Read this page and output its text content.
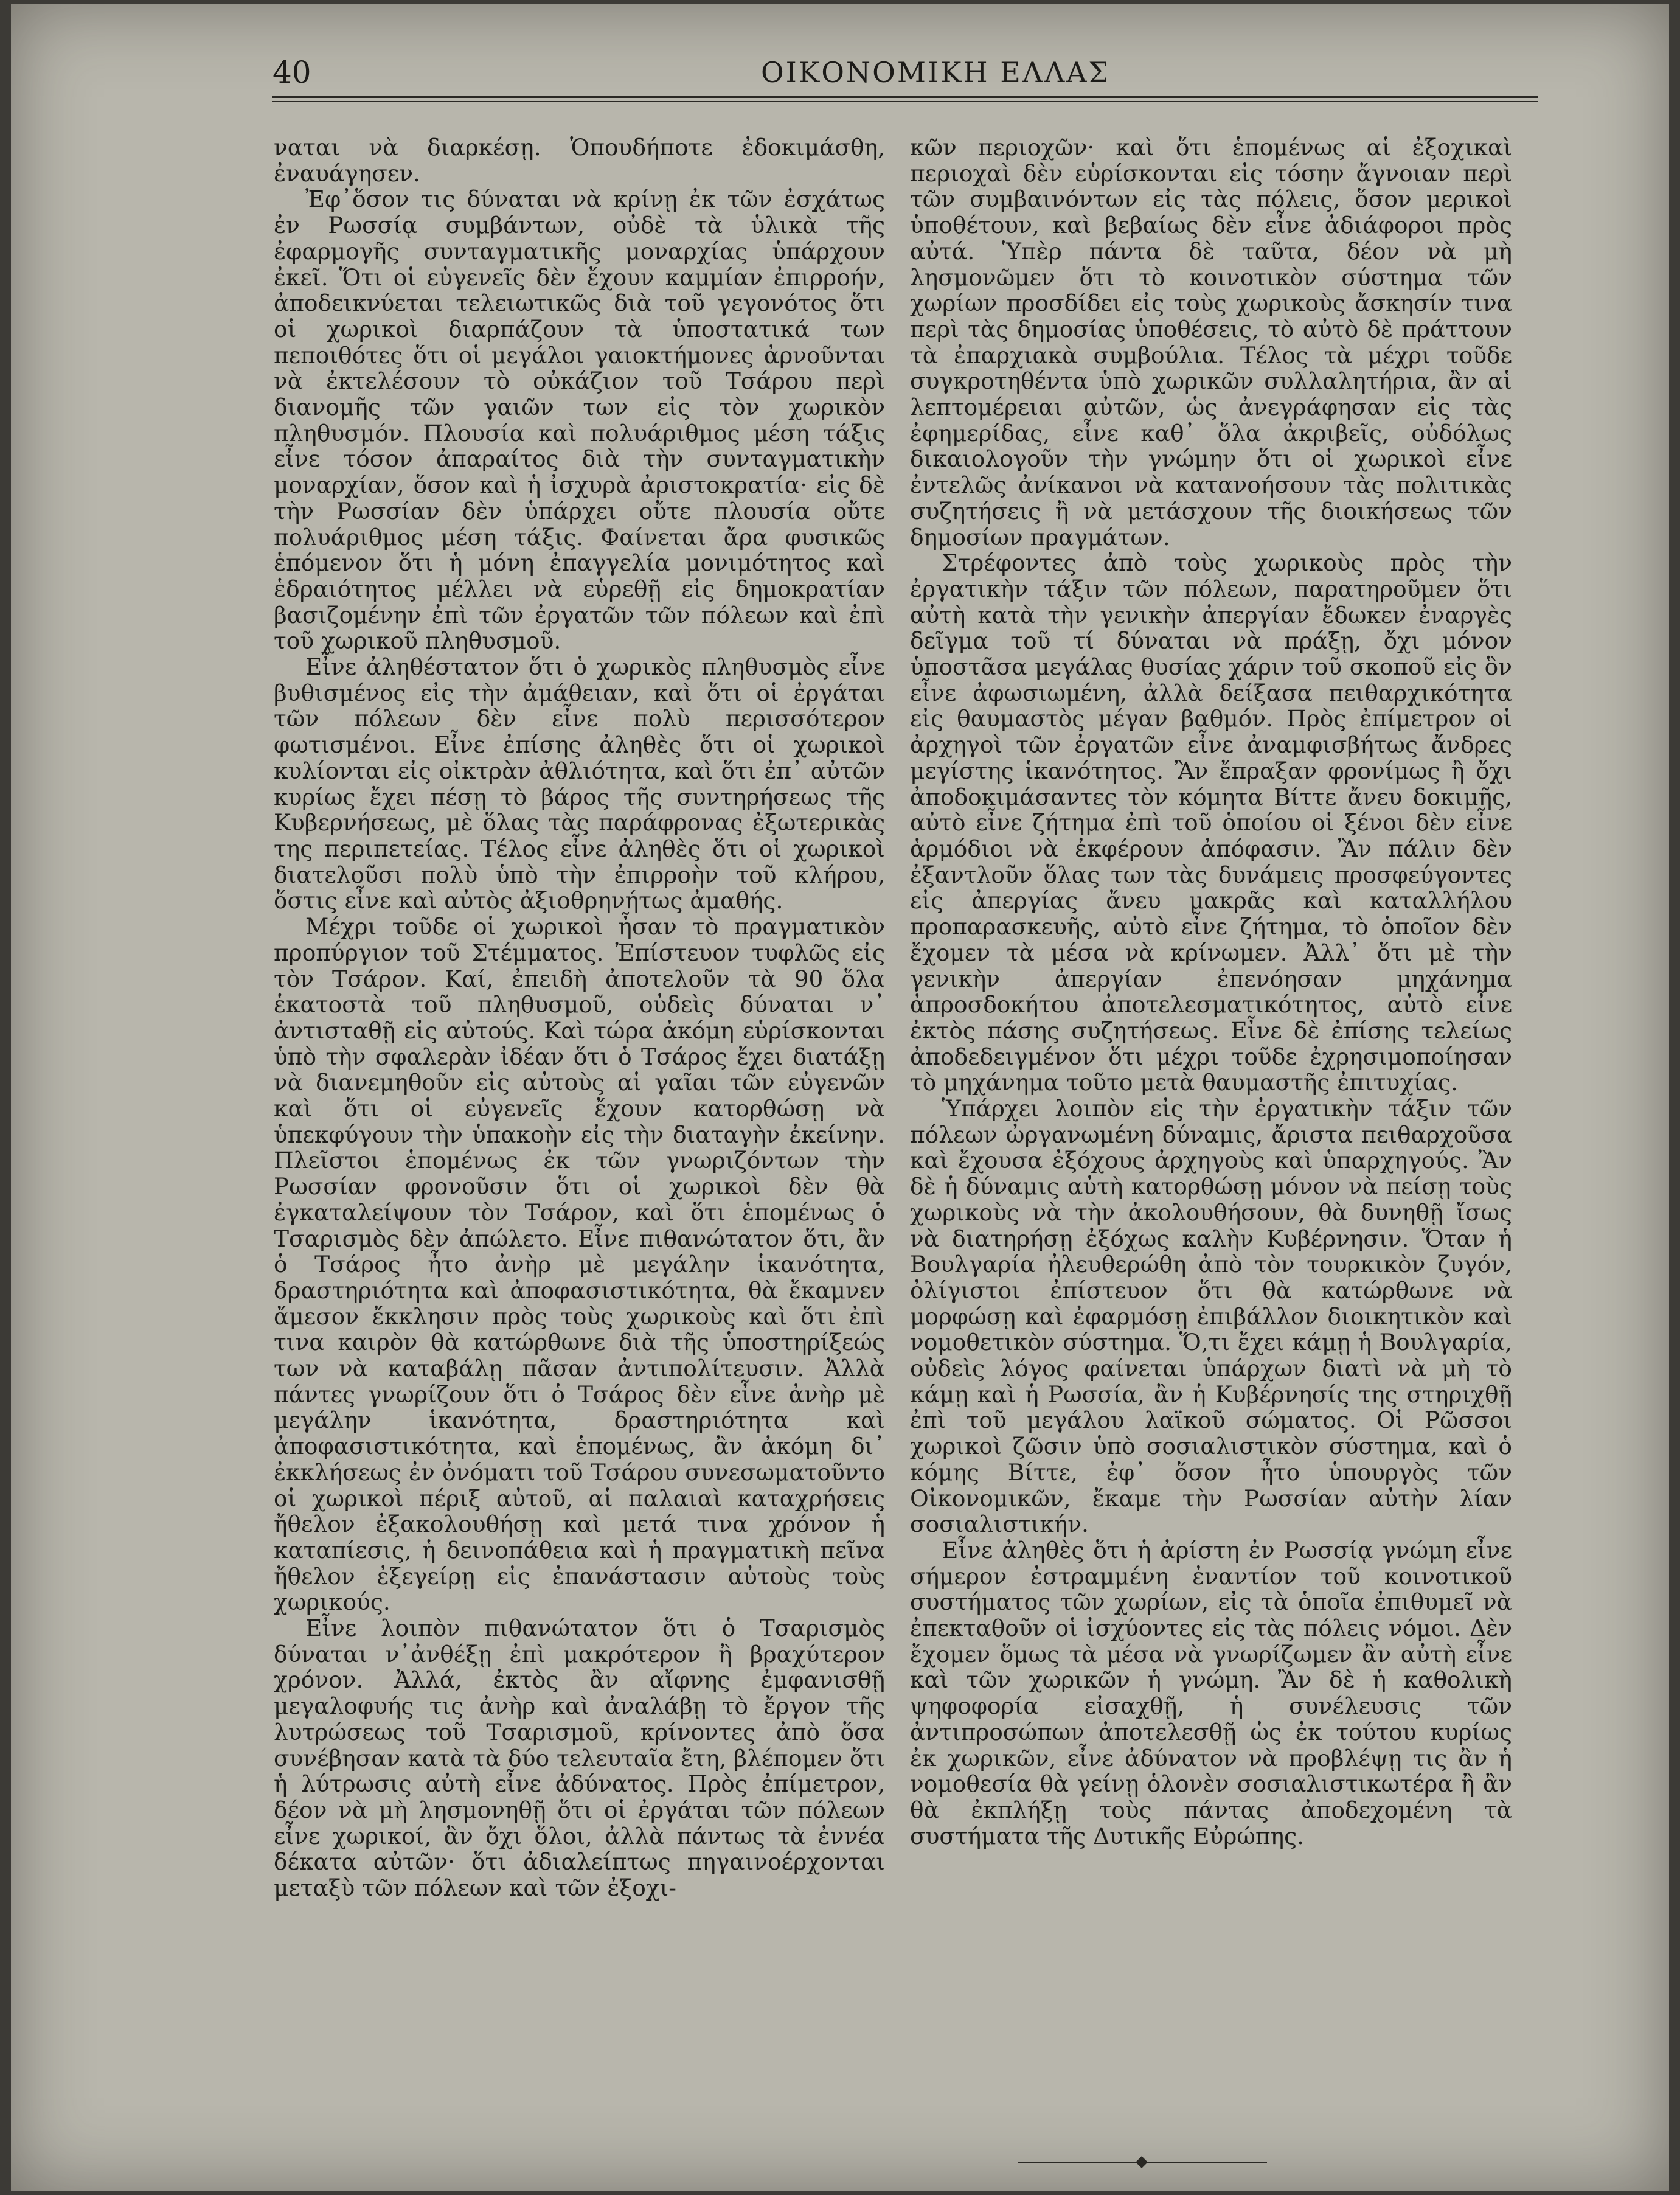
40	ΟΙΚΟΝΟΜΙΚΗ ΕΛΛΑΣ

ναται νὰ διαρκέσῃ. Ὁπουδήποτε ἐδοκιμάσθη, ἐναυάγησεν.

Ἐφ᾽ὅσον τις δύναται νὰ κρίνῃ ἐκ τῶν ἐσχάτως ἐν Ρωσσίᾳ συμβάντων, οὐδὲ τὰ ὑλικὰ τῆς ἐφαρμογῆς συνταγματικῆς μοναρχίας ὑπάρχουν ἐκεῖ. Ὅτι οἱ εὐγενεῖς δὲν ἔχουν καμμίαν ἐπιρροήν, ἀποδεικνύεται τελειωτικῶς διὰ τοῦ γεγονότος ὅτι οἱ χωρικοὶ διαρπάζουν τὰ ὑποστατικά των πεποιθότες ὅτι οἱ μεγάλοι γαιοκτήμονες ἀρνοῦνται νὰ ἐκτελέσουν τὸ οὐκάζιον τοῦ Τσάρου περὶ διανομῆς τῶν γαιῶν των εἰς τὸν χωρικὸν πληθυσμόν. Πλουσία καὶ πολυάριθμος μέση τάξις εἶνε τόσον ἀπαραίτος διὰ τὴν συνταγματικὴν μοναρχίαν, ὅσον καὶ ἡ ἰσχυρὰ ἀριστοκρατία· εἰς δὲ τὴν Ρωσσίαν δὲν ὑπάρχει οὔτε πλουσία οὔτε πολυάριθμος μέση τάξις. Φαίνεται ἄρα φυσικῶς ἑπόμενον ὅτι ἡ μόνη ἐπαγγελία μονιμότητος καὶ ἑδραιότητος μέλλει νὰ εὑρεθῇ εἰς δημοκρατίαν βασιζομένην ἐπὶ τῶν ἐργατῶν τῶν πόλεων καὶ ἐπὶ τοῦ χωρικοῦ πληθυσμοῦ.

Εἶνε ἀληθέστατον ὅτι ὁ χωρικὸς πληθυσμὸς εἶνε βυθισμένος εἰς τὴν ἀμάθειαν, καὶ ὅτι οἱ ἐργάται τῶν πόλεων δὲν εἶνε πολὺ περισσότερον φωτισμένοι. Εἶνε ἐπίσης ἀληθὲς ὅτι οἱ χωρικοὶ κυλίονται εἰς οἰκτρὰν ἀθλιότητα, καὶ ὅτι ἐπ᾽ αὐτῶν κυρίως ἔχει πέσῃ τὸ βάρος τῆς συντηρήσεως τῆς Κυβερνήσεως, μὲ ὅλας τὰς παράφρονας ἐξωτερικὰς της περιπετείας. Τέλος εἶνε ἀληθὲς ὅτι οἱ χωρικοὶ διατελοῦσι πολὺ ὑπὸ τὴν ἐπιρροὴν τοῦ κλήρου, ὅστις εἶνε καὶ αὐτὸς ἀξιοθρηνήτως ἀμαθής.

Μέχρι τοῦδε οἱ χωρικοὶ ἦσαν τὸ πραγματικὸν προπύργιον τοῦ Στέμματος. Ἐπίστευον τυφλῶς εἰς τὸν Τσάρον. Καί, ἐπειδὴ ἀποτελοῦν τὰ 90 ὅλα ἑκατοστὰ τοῦ πληθυσμοῦ, οὐδεὶς δύναται ν᾽ ἀντισταθῇ εἰς αὐτούς. Καὶ τώρα ἀκόμη εὑρίσκονται ὑπὸ τὴν σφαλερὰν ἰδέαν ὅτι ὁ Τσάρος ἔχει διατάξῃ νὰ διανεμηθοῦν εἰς αὐτοὺς αἱ γαῖαι τῶν εὐγενῶν καὶ ὅτι οἱ εὐγενεῖς ἔχουν κατορθώσῃ νὰ ὑπεκφύγουν τὴν ὑπακοὴν εἰς τὴν διαταγὴν ἐκείνην. Πλεῖστοι ἑπομένως ἐκ τῶν γνωριζόντων τὴν Ρωσσίαν φρονοῦσιν ὅτι οἱ χωρικοὶ δὲν θὰ ἐγκαταλείψουν τὸν Τσάρον, καὶ ὅτι ἑπομένως ὁ Τσαρισμὸς δὲν ἀπώλετο. Εἶνε πιθανώτατον ὅτι, ἂν ὁ Τσάρος ἦτο ἀνὴρ μὲ μεγάλην ἱκανότητα, δραστηριότητα καὶ ἀποφασιστικότητα, θὰ ἔκαμνεν ἄμεσον ἔκκλησιν πρὸς τοὺς χωρικοὺς καὶ ὅτι ἐπὶ τινα καιρὸν θὰ κατώρθωνε διὰ τῆς ὑποστηρίξεώς των νὰ καταβάλῃ πᾶσαν ἀντιπολίτευσιν. Ἀλλὰ πάντες γνωρίζουν ὅτι ὁ Τσάρος δὲν εἶνε ἀνὴρ μὲ μεγάλην ἱκανότητα, δραστηριότητα καὶ ἀποφασιστικότητα, καὶ ἑπομένως, ἂν ἀκόμη δι᾽ ἐκκλήσεως ἐν ὀνόματι τοῦ Τσάρου συνεσωματοῦντο οἱ χωρικοὶ πέριξ αὐτοῦ, αἱ παλαιαὶ καταχρήσεις ἤθελον ἐξακολουθήσῃ καὶ μετά τινα χρόνον ἡ καταπίεσις, ἡ δεινοπάθεια καὶ ἡ πραγματικὴ πεῖνα ἤθελον ἐξεγείρῃ εἰς ἐπανάστασιν αὐτοὺς τοὺς χωρικούς.

Εἶνε λοιπὸν πιθανώτατον ὅτι ὁ Τσαρισμὸς δύναται ν᾽ἀνθέξῃ ἐπὶ μακρότερον ἢ βραχύτερον χρόνον. Ἀλλά, ἐκτὸς ἂν αἴφνης ἐμφανισθῇ μεγαλοφυής τις ἀνὴρ καὶ ἀναλάβῃ τὸ ἔργον τῆς λυτρώσεως τοῦ Τσαρισμοῦ, κρίνοντες ἀπὸ ὅσα συνέβησαν κατὰ τὰ δύο τελευταῖα ἔτη, βλέπομεν ὅτι ἡ λύτρωσις αὐτὴ εἶνε ἀδύνατος. Πρὸς ἐπίμετρον, δέον νὰ μὴ λησμονηθῇ ὅτι οἱ ἐργάται τῶν πόλεων εἶνε χωρικοί, ἂν ὄχι ὅλοι, ἀλλὰ πάντως τὰ ἐννέα δέκατα αὐτῶν· ὅτι ἀδιαλείπτως πηγαινοέρχονται μεταξὺ τῶν πόλεων καὶ τῶν ἐξοχι-

κῶν περιοχῶν· καὶ ὅτι ἑπομένως αἱ ἐξοχικαὶ περιοχαὶ δὲν εὑρίσκονται εἰς τόσην ἄγνοιαν περὶ τῶν συμβαινόντων εἰς τὰς πόλεις, ὅσον μερικοὶ ὑποθέτουν, καὶ βεβαίως δὲν εἶνε ἀδιάφοροι πρὸς αὐτά. Ὑπὲρ πάντα δὲ ταῦτα, δέον νὰ μὴ λησμονῶμεν ὅτι τὸ κοινοτικὸν σύστημα τῶν χωρίων προσδίδει εἰς τοὺς χωρικοὺς ἄσκησίν τινα περὶ τὰς δημοσίας ὑποθέσεις, τὸ αὐτὸ δὲ πράττουν τὰ ἐπαρχιακὰ συμβούλια. Τέλος τὰ μέχρι τοῦδε συγκροτηθέντα ὑπὸ χωρικῶν συλλαλητήρια, ἂν αἱ λεπτομέρειαι αὐτῶν, ὡς ἀνεγράφησαν εἰς τὰς ἐφημερίδας, εἶνε καθ᾽ ὅλα ἀκριβεῖς, οὐδόλως δικαιολογοῦν τὴν γνώμην ὅτι οἱ χωρικοὶ εἶνε ἐντελῶς ἀνίκανοι νὰ κατανοήσουν τὰς πολιτικὰς συζητήσεις ἢ νὰ μετάσχουν τῆς διοικήσεως τῶν δημοσίων πραγμάτων.

Στρέφοντες ἀπὸ τοὺς χωρικοὺς πρὸς τὴν ἐργατικὴν τάξιν τῶν πόλεων, παρατηροῦμεν ὅτι αὐτὴ κατὰ τὴν γενικὴν ἀπεργίαν ἔδωκεν ἐναργὲς δεῖγμα τοῦ τί δύναται νὰ πράξῃ, ὄχι μόνον ὑποστᾶσα μεγάλας θυσίας χάριν τοῦ σκοποῦ εἰς ὃν εἶνε ἀφωσιωμένη, ἀλλὰ δείξασα πειθαρχικότητα εἰς θαυμαστὸς μέγαν βαθμόν. Πρὸς ἐπίμετρον οἱ ἀρχηγοὶ τῶν ἐργατῶν εἶνε ἀναμφισβήτως ἄνδρες μεγίστης ἱκανότητος. Ἂν ἔπραξαν φρονίμως ἢ ὄχι ἀποδοκιμάσαντες τὸν κόμητα Βίττε ἄνευ δοκιμῆς, αὐτὸ εἶνε ζήτημα ἐπὶ τοῦ ὁποίου οἱ ξένοι δὲν εἶνε ἁρμόδιοι νὰ ἐκφέρουν ἀπόφασιν. Ἂν πάλιν δὲν ἐξαντλοῦν ὅλας των τὰς δυνάμεις προσφεύγοντες εἰς ἀπεργίας ἄνευ μακρᾶς καὶ καταλλήλου προπαρασκευῆς, αὐτὸ εἶνε ζήτημα, τὸ ὁποῖον δὲν ἔχομεν τὰ μέσα νὰ κρίνωμεν. Ἀλλ᾽ ὅτι μὲ τὴν γενικὴν ἀπεργίαν ἐπενόησαν μηχάνημα ἀπροσδοκήτου ἀποτελεσματικότητος, αὐτὸ εἶνε ἐκτὸς πάσης συζητήσεως. Εἶνε δὲ ἐπίσης τελείως ἀποδεδειγμένον ὅτι μέχρι τοῦδε ἐχρησιμοποίησαν τὸ μηχάνημα τοῦτο μετὰ θαυμαστῆς ἐπιτυχίας.

Ὑπάρχει λοιπὸν εἰς τὴν ἐργατικὴν τάξιν τῶν πόλεων ὠργανωμένη δύναμις, ἄριστα πειθαρχοῦσα καὶ ἔχουσα ἐξόχους ἀρχηγοὺς καὶ ὑπαρχηγούς. Ἂν δὲ ἡ δύναμις αὐτὴ κατορθώσῃ μόνον νὰ πείσῃ τοὺς χωρικοὺς νὰ τὴν ἀκολουθήσουν, θὰ δυνηθῇ ἴσως νὰ διατηρήσῃ ἐξόχως καλὴν Κυβέρνησιν. Ὅταν ἡ Βουλγαρία ἠλευθερώθη ἀπὸ τὸν τουρκικὸν ζυγόν, ὀλίγιστοι ἐπίστευον ὅτι θὰ κατώρθωνε νὰ μορφώσῃ καὶ ἐφαρμόσῃ ἐπιβάλλον διοικητικὸν καὶ νομοθετικὸν σύστημα. Ὅ,τι ἔχει κάμῃ ἡ Βουλγαρία, οὐδεὶς λόγος φαίνεται ὑπάρχων διατὶ νὰ μὴ τὸ κάμῃ καὶ ἡ Ρωσσία, ἂν ἡ Κυβέρνησίς της στηριχθῇ ἐπὶ τοῦ μεγάλου λαϊκοῦ σώματος. Οἱ Ρῶσσοι χωρικοὶ ζῶσιν ὑπὸ σοσιαλιστικὸν σύστημα, καὶ ὁ κόμης Βίττε, ἐφ᾽ ὅσον ἦτο ὑπουργὸς τῶν Οἰκονομικῶν, ἔκαμε τὴν Ρωσσίαν αὐτὴν λίαν σοσιαλιστικήν.

Εἶνε ἀληθὲς ὅτι ἡ ἀρίστη ἐν Ρωσσίᾳ γνώμη εἶνε σήμερον ἐστραμμένη ἐναντίον τοῦ κοινοτικοῦ συστήματος τῶν χωρίων, εἰς τὰ ὁποῖα ἐπιθυμεῖ νὰ ἐπεκταθοῦν οἱ ἰσχύοντες εἰς τὰς πόλεις νόμοι. Δὲν ἔχομεν ὅμως τὰ μέσα νὰ γνωρίζωμεν ἂν αὐτὴ εἶνε καὶ τῶν χωρικῶν ἡ γνώμη. Ἂν δὲ ἡ καθολικὴ ψηφοφορία εἰσαχθῇ, ἡ συνέλευσις τῶν ἀντιπροσώπων ἀποτελεσθῇ ὡς ἐκ τούτου κυρίως ἐκ χωρικῶν, εἶνε ἀδύνατον νὰ προβλέψῃ τις ἂν ἡ νομοθεσία θὰ γείνῃ ὁλονὲν σοσιαλιστικωτέρα ἢ ἂν θὰ ἐκπλήξῃ τοὺς πάντας ἀποδεχομένη τὰ συστήματα τῆς Δυτικῆς Εὐρώπης.
